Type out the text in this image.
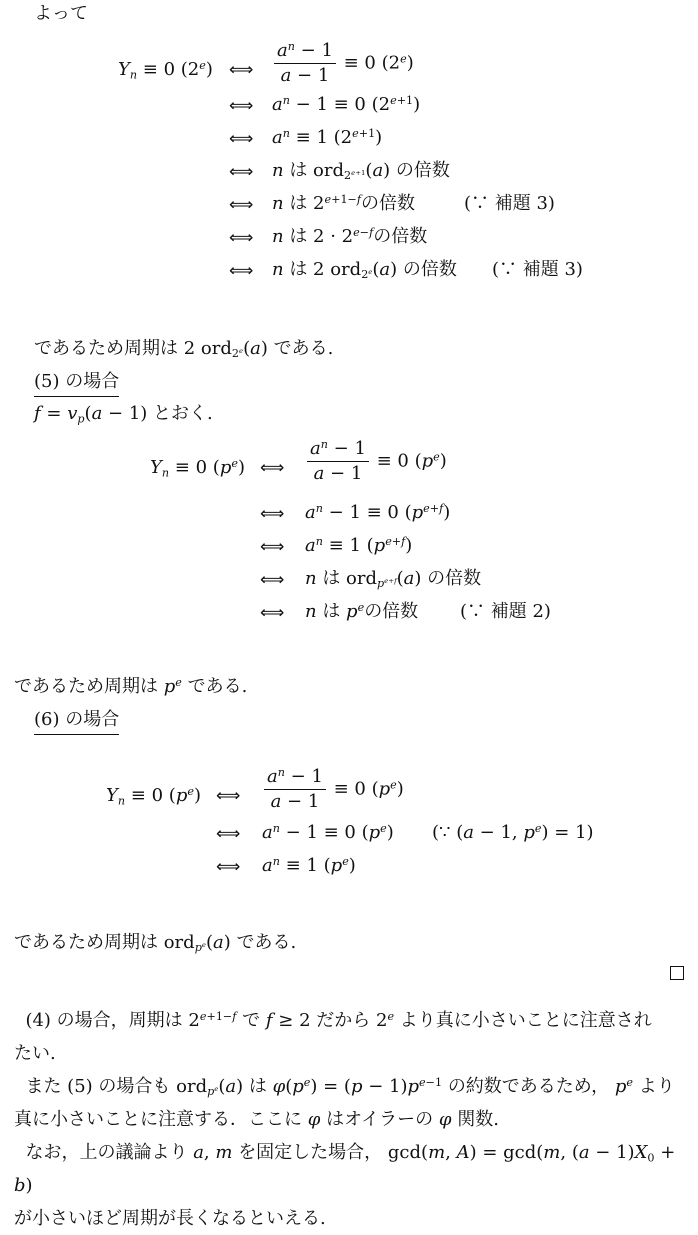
よって
$Y_n \equiv 0$ (2e) ⟺ $\frac{a^n - 1}{a - 1} \equiv 0$ (2e)
⟺ $a^n - 1 \equiv 0$ $(2^{e+1})$
⟺ $a^n \equiv 1$ $(2^{e+1})$
⟺ n は ord$_{2^{e+1}}$(a) の倍数
⟺ n は $2^{e+1-f}$の倍数	(∵ 補題 3)
⟺ n は $2 \cdot 2^{e-f}$の倍数
⟺ n は 2 ord$_{2^e}$(a) の倍数 (∵ 補題 3)
であるため周期は 2 ord$_{2^e}$(a) である.
(5) の場合
$f = v_p(a - 1)$ とおく.
$Y_n \equiv 0$ $(p^e)$ ⟺ $\frac{a^n - 1}{a - 1} \equiv 0$ $(p^e)$
⟺ $a^n - 1 \equiv 0$ $(p^{e+f})$
⟺ $a^n \equiv 1$ $(p^{e+f})$
⟺ n は ord$_{p^{e+f}}$(a) の倍数
⟺ n は $p^e$の倍数 (∵ 補題 2)
であるため周期は $p^e$ である.
(6) の場合
$Y_n \equiv 0$ $(p^e)$ ⟺ $\frac{a^n - 1}{a - 1} \equiv 0$ $(p^e)$
⟺ $a^n - 1 \equiv 0$ $(p^e)$ (∵ (a − 1, $p^e) = 1$)
⟺ $a^n \equiv 1$ $(p^e)$
であるため周期は ord$_{p^e}$(a) である.
(4) の場合，周期は $2^{e+1-f}$ で f ≥ 2 だから 2e より真に小さいことに注意され
たい.
また (5) の場合も ord$_{p^e}$(a) は $\varphi(p^e) = (p - 1)p^{e-1}$ の約数であるため， $p^e$ より
真に小さいことに注意する．ここに φ はオイラーの φ 関数.
なお，上の議論より a, m を固定した場合， gcd(m, A) = gcd(m, $(a - 1)X_0 + b$)
が小さいほど周期が長くなるといえる.
